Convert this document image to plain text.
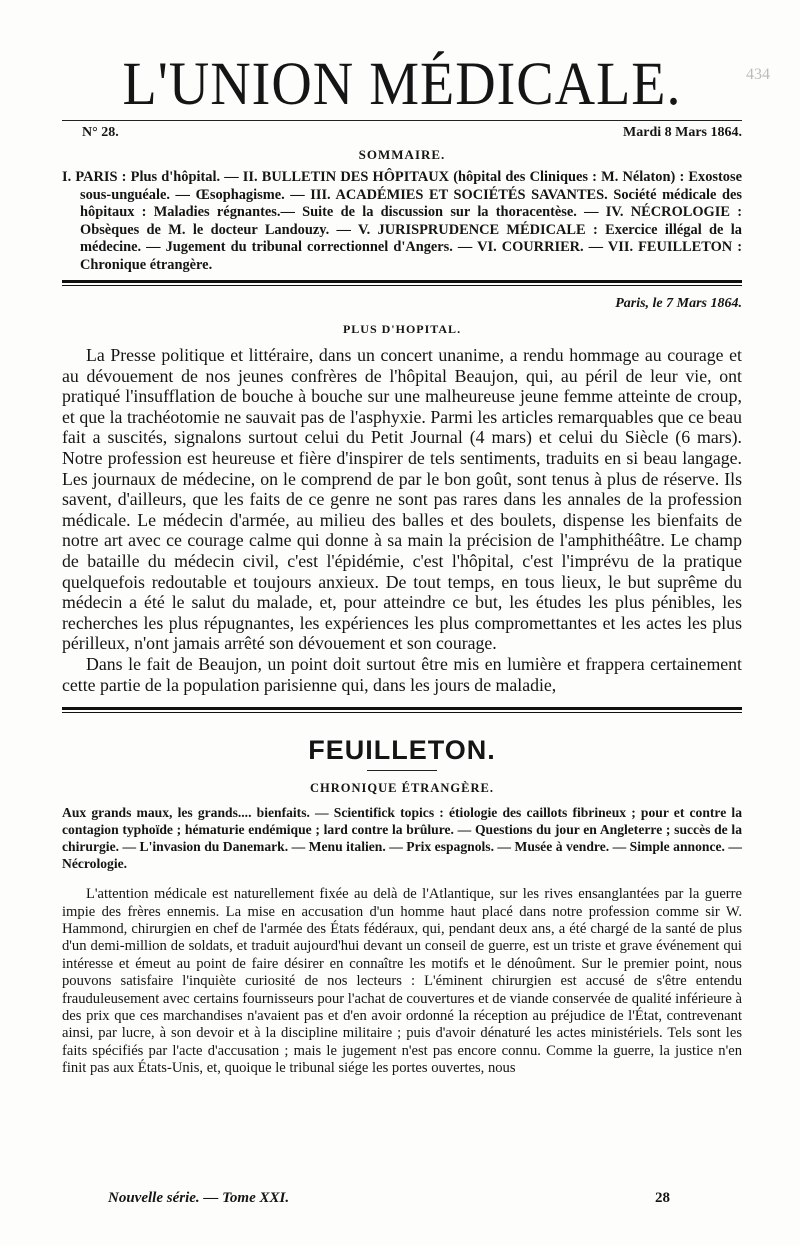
434
L'UNION MÉDICALE.
N° 28.	Mardi 8 Mars 1864.
SOMMAIRE.

I. PARIS : Plus d'hôpital. — II. BULLETIN DES HÔPITAUX (hôpital des Cliniques : M. Nélaton) : Exostose sous-unguéale. — Œsophagisme. — III. ACADÉMIES ET SOCIÉTÉS SAVANTES. Société médicale des hôpitaux : Maladies régnantes.— Suite de la discussion sur la thoracentèse. — IV. NÉCROLOGIE : Obsèques de M. le docteur Landouzy. — V. JURISPRUDENCE MÉDICALE : Exercice illégal de la médecine. — Jugement du tribunal correctionnel d'Angers. — VI. COURRIER. — VII. FEUILLETON : Chronique étrangère.

Paris, le 7 Mars 1864.
PLUS D'HOPITAL.

La Presse politique et littéraire, dans un concert unanime, a rendu hommage au courage et au dévouement de nos jeunes confrères de l'hôpital Beaujon, qui, au péril de leur vie, ont pratiqué l'insufflation de bouche à bouche sur une malheureuse jeune femme atteinte de croup, et que la trachéotomie ne sauvait pas de l'asphyxie. Parmi les articles remarquables que ce beau fait a suscités, signalons surtout celui du Petit Journal (4 mars) et celui du Siècle (6 mars). Notre profession est heureuse et fière d'inspirer de tels sentiments, traduits en si beau langage. Les journaux de médecine, on le comprend de par le bon goût, sont tenus à plus de réserve. Ils savent, d'ailleurs, que les faits de ce genre ne sont pas rares dans les annales de la profession médicale. Le médecin d'armée, au milieu des balles et des boulets, dispense les bienfaits de notre art avec ce courage calme qui donne à sa main la précision de l'amphithéâtre. Le champ de bataille du médecin civil, c'est l'épidémie, c'est l'hôpital, c'est l'imprévu de la pratique quelquefois redoutable et toujours anxieux. De tout temps, en tous lieux, le but suprême du médecin a été le salut du malade, et, pour atteindre ce but, les études les plus pénibles, les recherches les plus répugnantes, les expériences les plus compromettantes et les actes les plus périlleux, n'ont jamais arrêté son dévouement et son courage.

Dans le fait de Beaujon, un point doit surtout être mis en lumière et frappera certainement cette partie de la population parisienne qui, dans les jours de maladie,

FEUILLETON.
CHRONIQUE ÉTRANGÈRE.

Aux grands maux, les grands.... bienfaits. — Scientifick topics : étiologie des caillots fibrineux ; pour et contre la contagion typhoïde ; hématurie endémique ; lard contre la brûlure. — Questions du jour en Angleterre ; succès de la chirurgie. — L'invasion du Danemark. — Menu italien. — Prix espagnols. — Musée à vendre. — Simple annonce. — Nécrologie.

L'attention médicale est naturellement fixée au delà de l'Atlantique, sur les rives ensanglantées par la guerre impie des frères ennemis. La mise en accusation d'un homme haut placé dans notre profession comme sir W. Hammond, chirurgien en chef de l'armée des États fédéraux, qui, pendant deux ans, a été chargé de la santé de plus d'un demi-million de soldats, et traduit aujourd'hui devant un conseil de guerre, est un triste et grave événement qui intéresse et émeut au point de faire désirer en connaître les motifs et le dénoûment. Sur le premier point, nous pouvons satisfaire l'inquiète curiosité de nos lecteurs : L'éminent chirurgien est accusé de s'être entendu frauduleusement avec certains fournisseurs pour l'achat de couvertures et de viande conservée de qualité inférieure à des prix que ces marchandises n'avaient pas et d'en avoir ordonné la réception au préjudice de l'État, contrevenant ainsi, par lucre, à son devoir et à la discipline militaire ; puis d'avoir dénaturé les actes ministériels. Tels sont les faits spécifiés par l'acte d'accusation ; mais le jugement n'est pas encore connu. Comme la guerre, la justice n'en finit pas aux États-Unis, et, quoique le tribunal siége les portes ouvertes, nous

Nouvelle série. — Tome XXI.	28
